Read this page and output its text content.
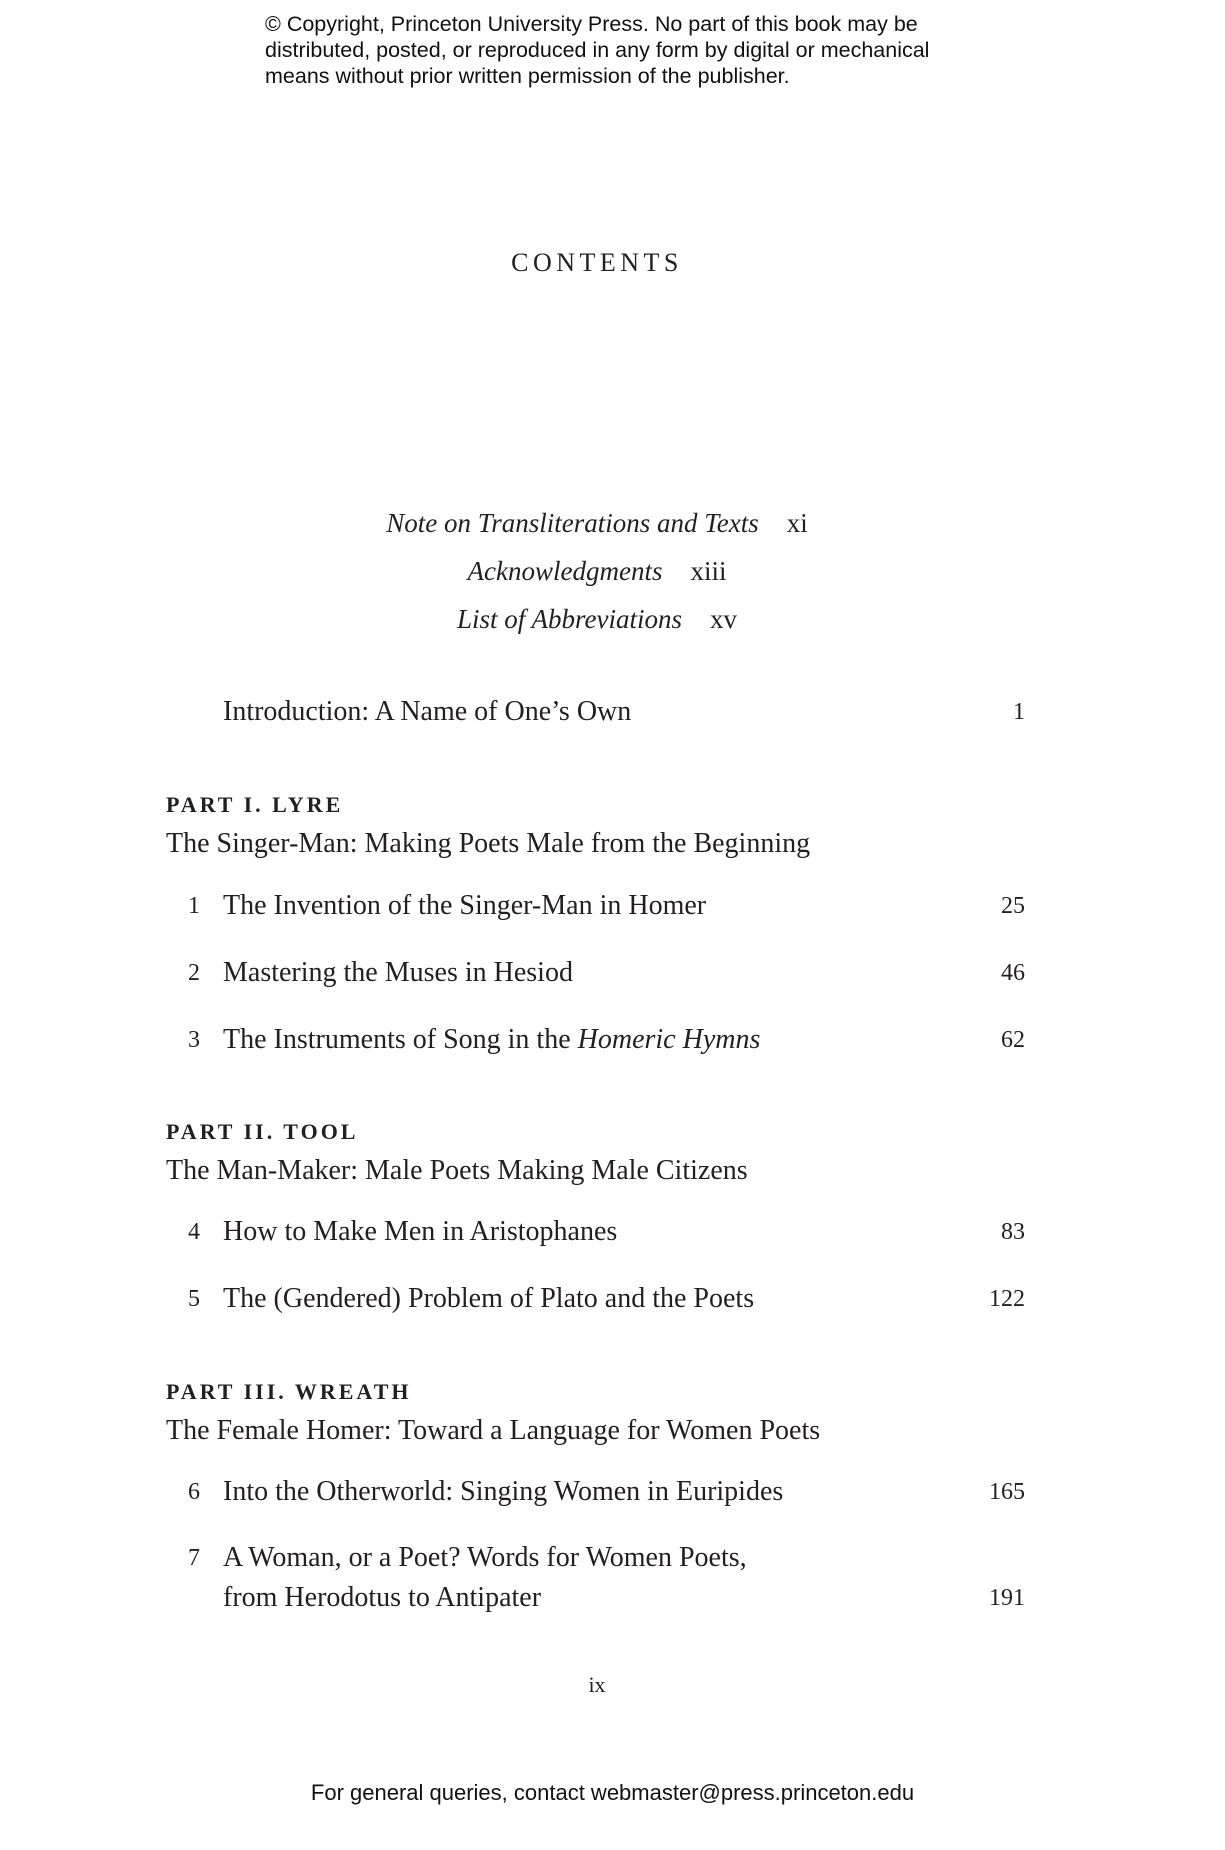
© Copyright, Princeton University Press. No part of this book may be
distributed, posted, or reproduced in any form by digital or mechanical
means without prior written permission of the publisher.
CONTENTS
Note on Transliterations and Texts xi
Acknowledgments xiii
List of Abbreviations xv
Introduction: A Name of One’s Own	1
PART I. LYRE
The Singer-Man: Making Poets Male from the Beginning
1 The Invention of the Singer-Man in Homer	25
2 Mastering the Muses in Hesiod	46
3 The Instruments of Song in the Homeric Hymns	62
PART II. TOOL
The Man-Maker: Male Poets Making Male Citizens
4 How to Make Men in Aristophanes	83
5 The (Gendered) Problem of Plato and the Poets	122
PART III. WREATH
The Female Homer: Toward a Language for Women Poets
6 Into the Otherworld: Singing Women in Euripides	165
7 A Woman, or a Poet? Words for Women Poets,
from Herodotus to Antipater	191
ix
For general queries, contact webmaster@press.princeton.edu
